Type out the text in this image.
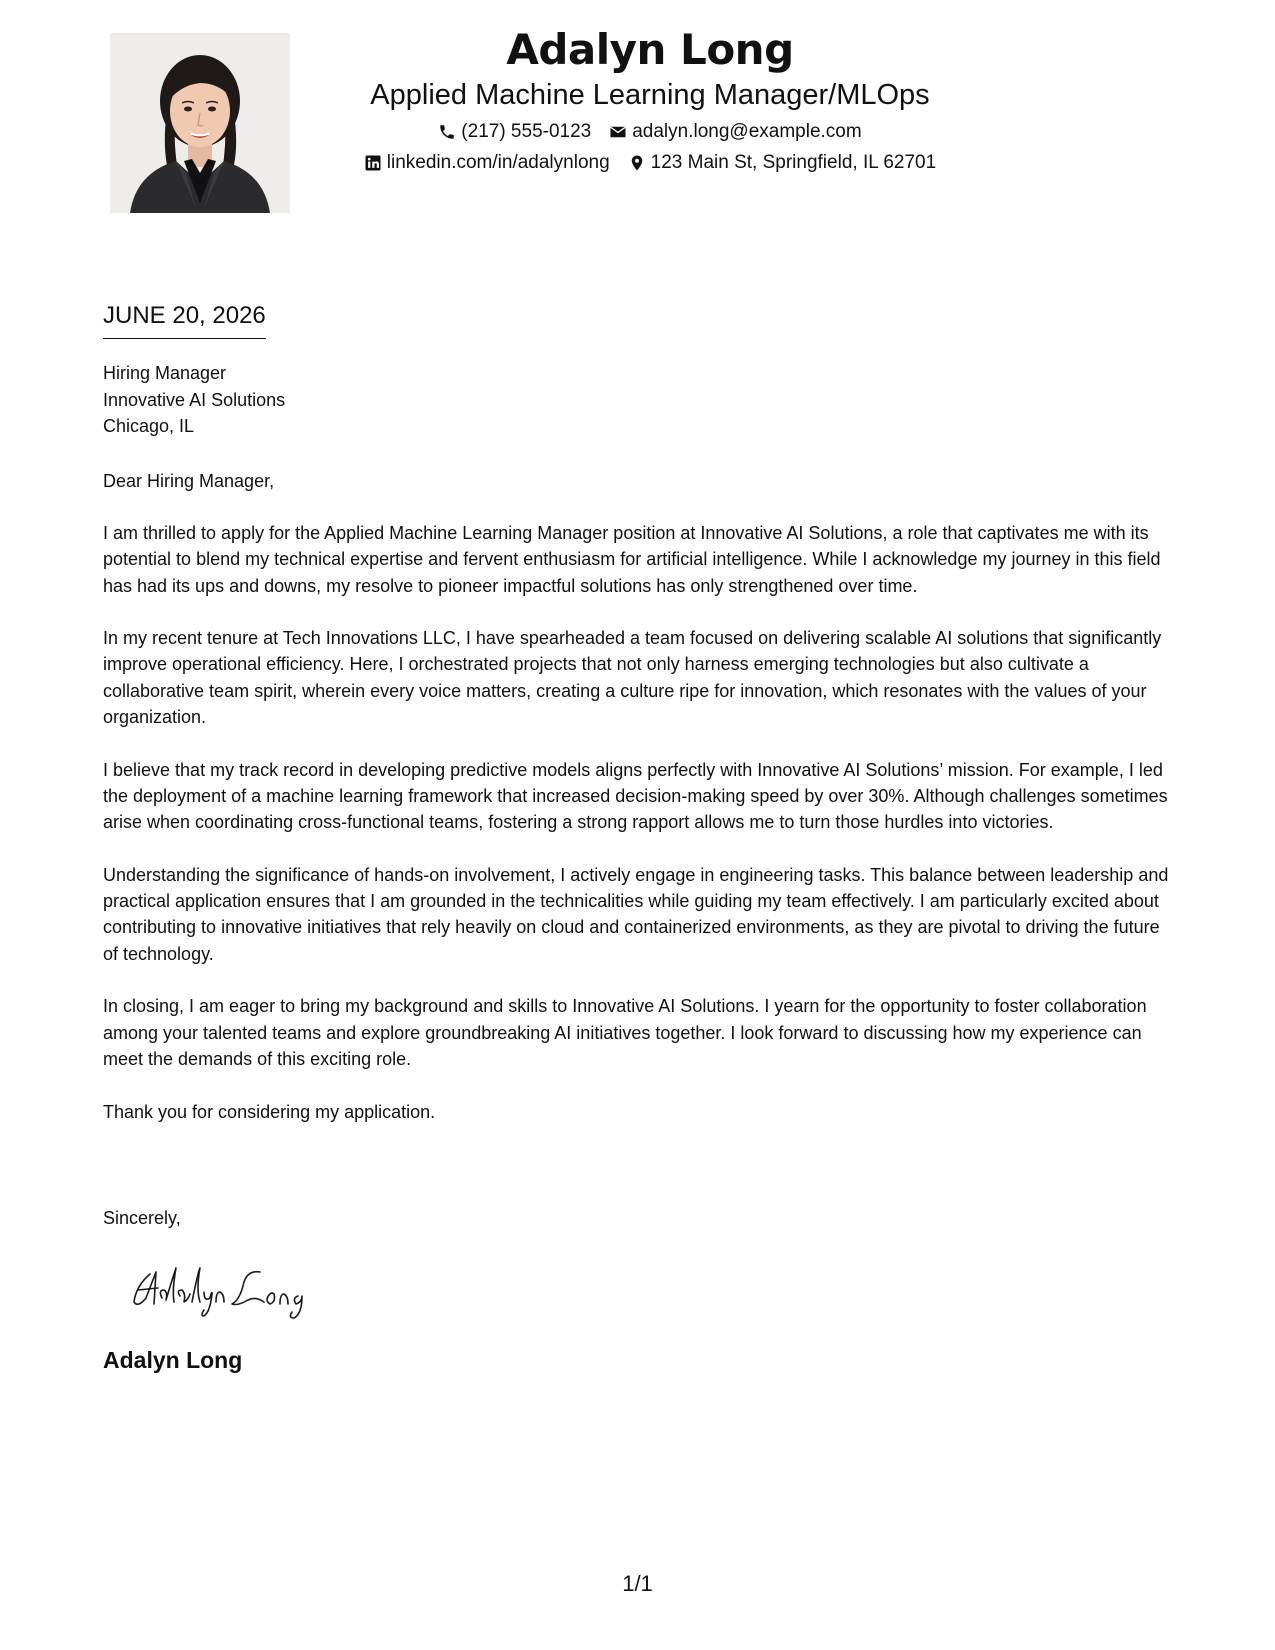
Adalyn Long
Applied Machine Learning Manager/MLOps
(217) 555-0123 adalyn.long@example.com
linkedin.com/in/adalynlong 123 Main St, Springfield, IL 62701
JUNE 20, 2026
Hiring Manager
Innovative AI Solutions
Chicago, IL
Dear Hiring Manager,

I am thrilled to apply for the Applied Machine Learning Manager position at Innovative AI Solutions, a role that captivates me with its potential to blend my technical expertise and fervent enthusiasm for artificial intelligence. While I acknowledge my journey in this field has had its ups and downs, my resolve to pioneer impactful solutions has only strengthened over time.

In my recent tenure at Tech Innovations LLC, I have spearheaded a team focused on delivering scalable AI solutions that significantly improve operational efficiency. Here, I orchestrated projects that not only harness emerging technologies but also cultivate a collaborative team spirit, wherein every voice matters, creating a culture ripe for innovation, which resonates with the values of your organization.

I believe that my track record in developing predictive models aligns perfectly with Innovative AI Solutions’ mission. For example, I led the deployment of a machine learning framework that increased decision-making speed by over 30%. Although challenges sometimes arise when coordinating cross-functional teams, fostering a strong rapport allows me to turn those hurdles into victories.

Understanding the significance of hands-on involvement, I actively engage in engineering tasks. This balance between leadership and practical application ensures that I am grounded in the technicalities while guiding my team effectively. I am particularly excited about contributing to innovative initiatives that rely heavily on cloud and containerized environments, as they are pivotal to driving the future of technology.

In closing, I am eager to bring my background and skills to Innovative AI Solutions. I yearn for the opportunity to foster collaboration among your talented teams and explore groundbreaking AI initiatives together. I look forward to discussing how my experience can meet the demands of this exciting role.

Thank you for considering my application.

Sincerely,
Adalyn Long
1/1
